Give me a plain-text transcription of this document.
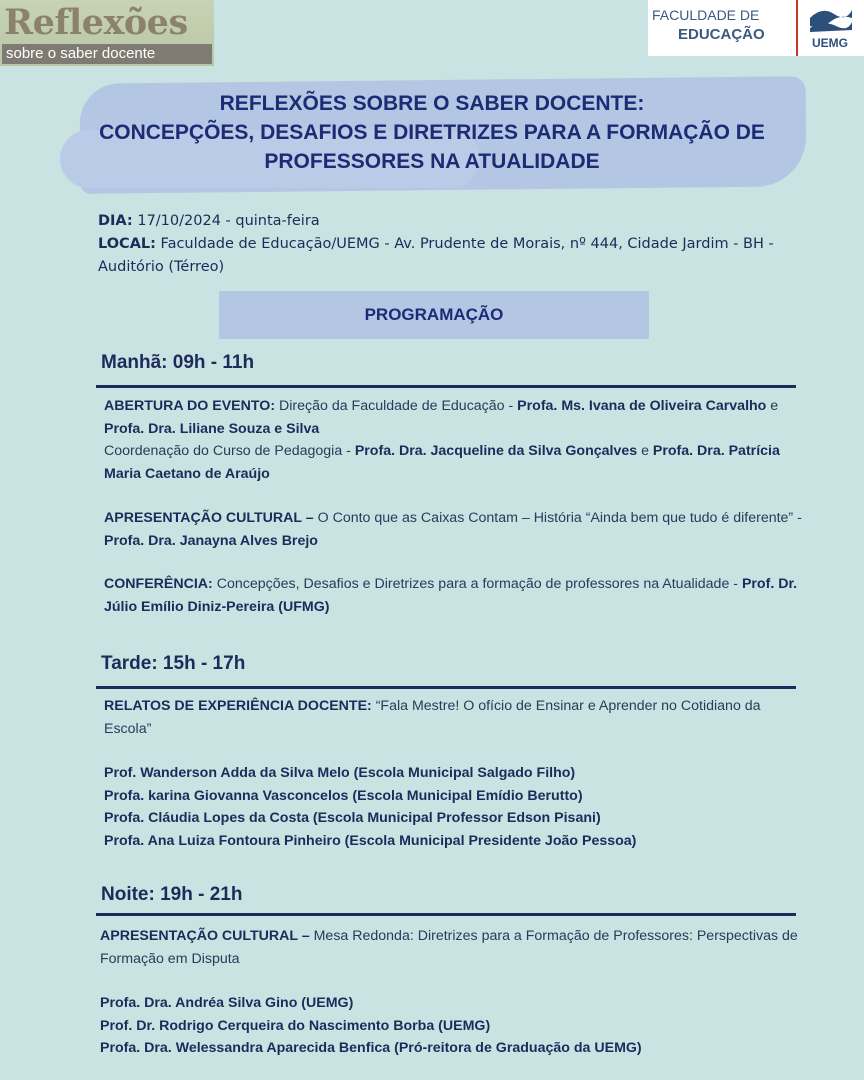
Reflexões
sobre o saber docente
FACULDADE DE
EDUCAÇÃO	UEMG
REFLEXÕES SOBRE O SABER DOCENTE:
CONCEPÇÕES, DESAFIOS E DIRETRIZES PARA A FORMAÇÃO DE
PROFESSORES NA ATUALIDADE
DIA: 17/10/2024 - quinta-feira
LOCAL: Faculdade de Educação/UEMG - Av. Prudente de Morais, nº 444, Cidade Jardim - BH - Auditório (Térreo)
PROGRAMAÇÃO
Manhã: 09h - 11h
ABERTURA DO EVENTO: Direção da Faculdade de Educação - Profa. Ms. Ivana de Oliveira Carvalho e Profa. Dra. Liliane Souza e Silva
Coordenação do Curso de Pedagogia - Profa. Dra. Jacqueline da Silva Gonçalves e Profa. Dra. Patrícia Maria Caetano de Araújo
APRESENTAÇÃO CULTURAL – O Conto que as Caixas Contam – História “Ainda bem que tudo é diferente” - Profa. Dra. Janayna Alves Brejo
CONFERÊNCIA: Concepções, Desafios e Diretrizes para a formação de professores na Atualidade - Prof. Dr. Júlio Emílio Diniz-Pereira (UFMG)
Tarde: 15h - 17h
RELATOS DE EXPERIÊNCIA DOCENTE: “Fala Mestre! O ofício de Ensinar e Aprender no Cotidiano da Escola”
Prof. Wanderson Adda da Silva Melo (Escola Municipal Salgado Filho)
Profa. karina Giovanna Vasconcelos (Escola Municipal Emídio Berutto)
Profa. Cláudia Lopes da Costa (Escola Municipal Professor Edson Pisani)
Profa. Ana Luiza Fontoura Pinheiro (Escola Municipal Presidente João Pessoa)
Noite: 19h - 21h
APRESENTAÇÃO CULTURAL – Mesa Redonda: Diretrizes para a Formação de Professores: Perspectivas de Formação em Disputa
Profa. Dra. Andréa Silva Gino (UEMG)
Prof. Dr. Rodrigo Cerqueira do Nascimento Borba (UEMG)
Profa. Dra. Welessandra Aparecida Benfica (Pró-reitora de Graduação da UEMG)
